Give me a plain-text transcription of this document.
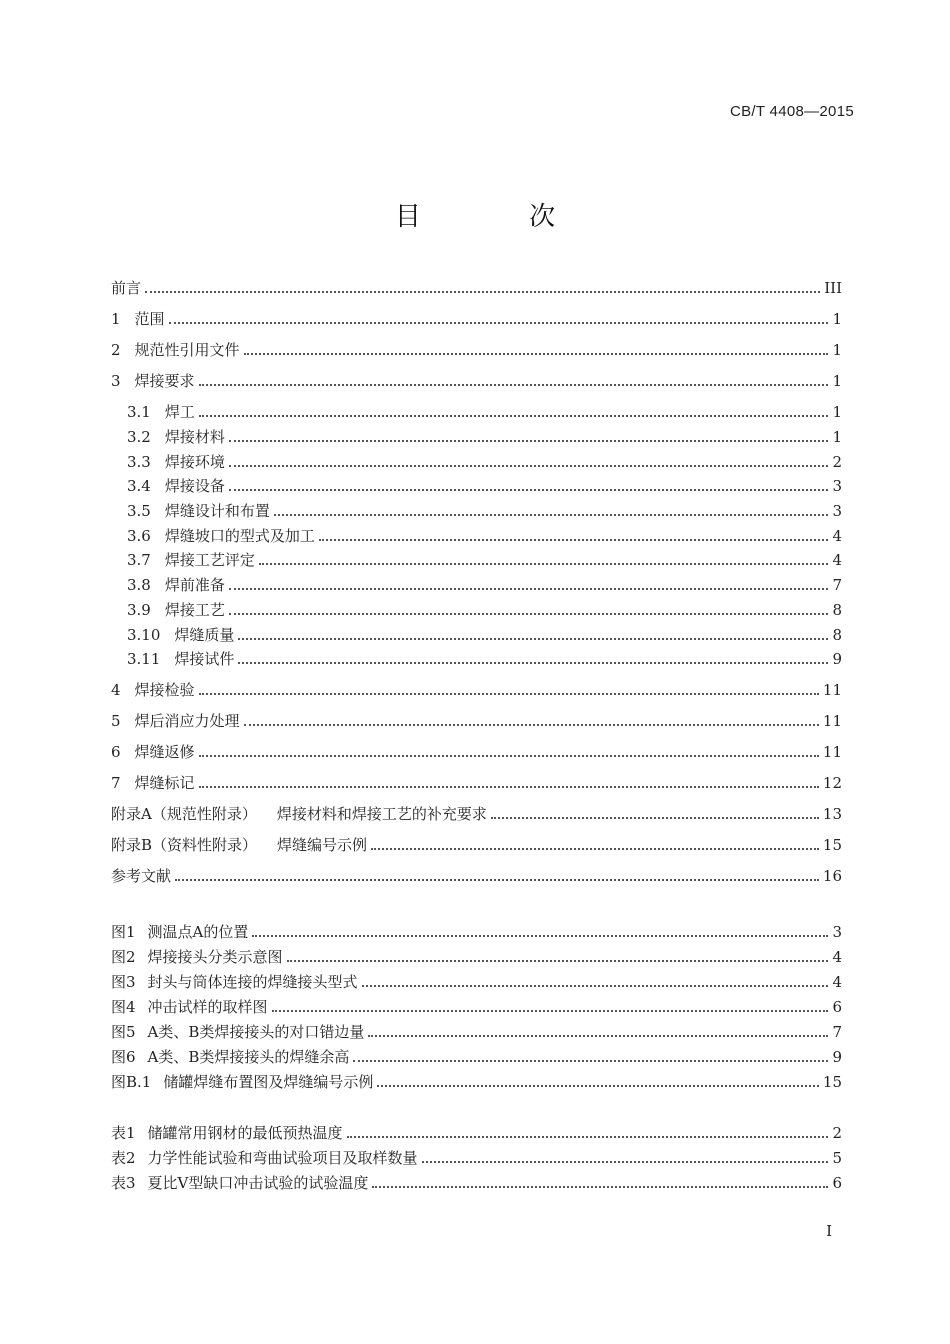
CB/T 4408—2015
目 次
前言	III
1 范围	1
2 规范性引用文件	1
3 焊接要求	1
3.1 焊工	1
3.2 焊接材料	1
3.3 焊接环境	2
3.4 焊接设备	3
3.5 焊缝设计和布置	3
3.6 焊缝坡口的型式及加工	4
3.7 焊接工艺评定	4
3.8 焊前准备	7
3.9 焊接工艺	8
3.10 焊缝质量	8
3.11 焊接试件	9
4 焊接检验	11
5 焊后消应力处理	11
6 焊缝返修	11
7 焊缝标记	12
附录A（规范性附录） 焊接材料和焊接工艺的补充要求	13
附录B（资料性附录） 焊缝编号示例	15
参考文献	16
图1 测温点A的位置	3
图2 焊接接头分类示意图	4
图3 封头与筒体连接的焊缝接头型式	4
图4 冲击试样的取样图	6
图5 A类、B类焊接接头的对口错边量	7
图6 A类、B类焊接接头的焊缝余高	9
图B.1 储罐焊缝布置图及焊缝编号示例	15
表1 储罐常用钢材的最低预热温度	2
表2 力学性能试验和弯曲试验项目及取样数量	5
表3 夏比V型缺口冲击试验的试验温度	6
I
